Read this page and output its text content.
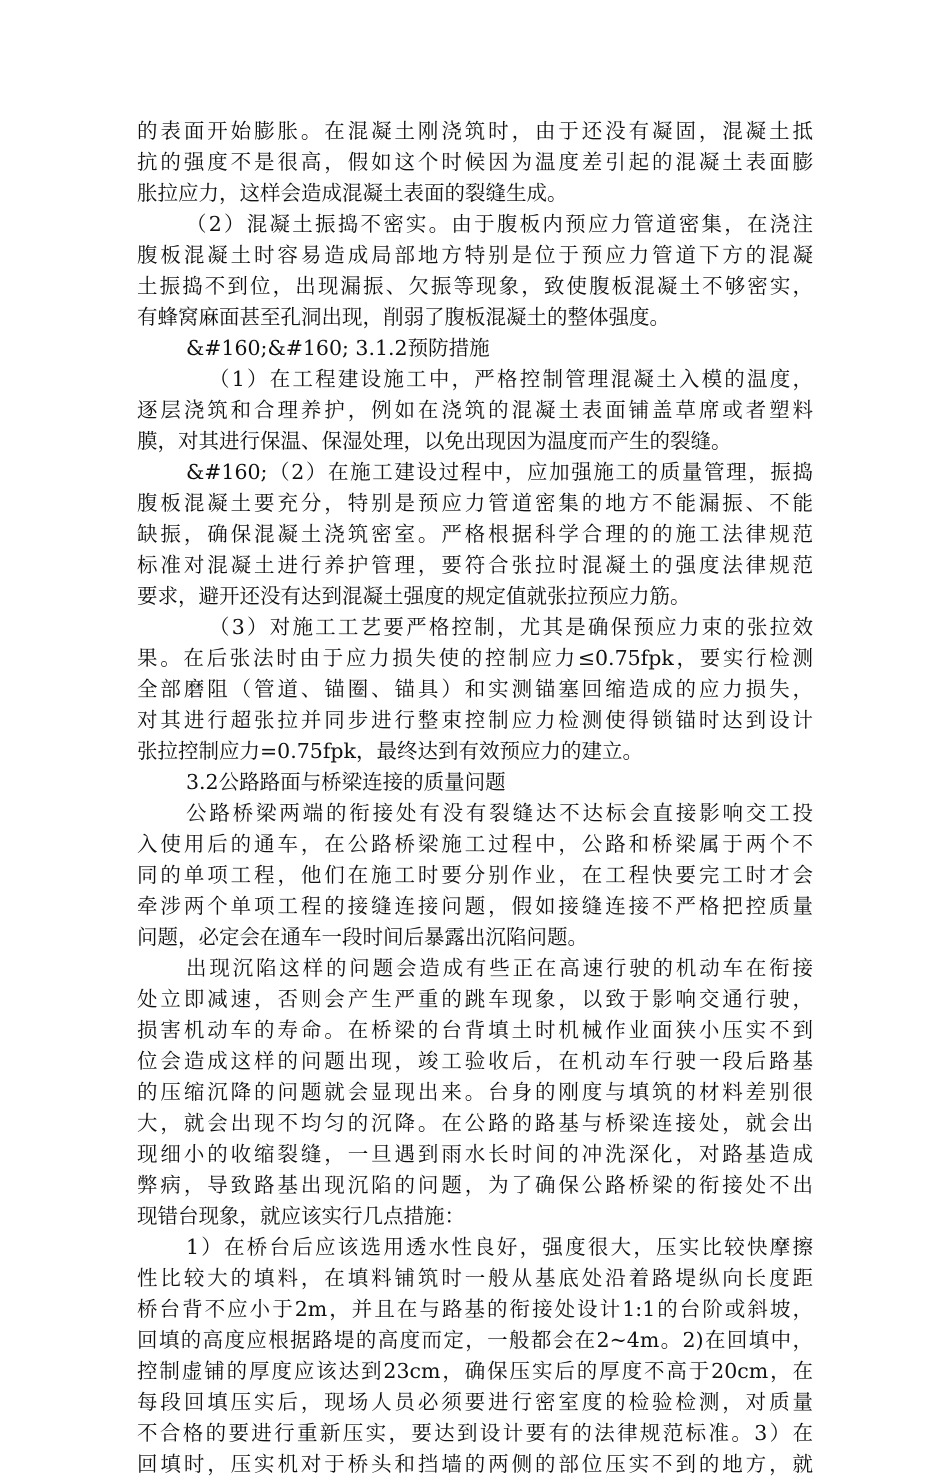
的表面开始膨胀。在混凝土刚浇筑时，由于还没有凝固，混凝土抵
抗的强度不是很高，假如这个时候因为温度差引起的混凝土表面膨
胀拉应力，这样会造成混凝土表面的裂缝生成。
（2）混凝土振捣不密实。由于腹板内预应力管道密集，在浇注
腹板混凝土时容易造成局部地方特别是位于预应力管道下方的混凝
土振捣不到位，出现漏振、欠振等现象，致使腹板混凝土不够密实，
有蜂窝麻面甚至孔洞出现，削弱了腹板混凝土的整体强度。
&#160;&#160; 3.1.2预防措施
（1）在工程建设施工中，严格控制管理混凝土入模的温度，
逐层浇筑和合理养护，例如在浇筑的混凝土表面铺盖草席或者塑料
膜，对其进行保温、保湿处理，以免出现因为温度而产生的裂缝。
&#160;（2）在施工建设过程中，应加强施工的质量管理，振捣
腹板混凝土要充分，特别是预应力管道密集的地方不能漏振、不能
缺振，确保混凝土浇筑密室。严格根据科学合理的的施工法律规范
标准对混凝土进行养护管理，要符合张拉时混凝土的强度法律规范
要求，避开还没有达到混凝土强度的规定值就张拉预应力筋。
（3）对施工工艺要严格控制，尤其是确保预应力束的张拉效
果。在后张法时由于应力损失使的控制应力≤0.75fpk，要实行检测
全部磨阻（管道、锚圈、锚具）和实测锚塞回缩造成的应力损失，
对其进行超张拉并同步进行整束控制应力检测使得锁锚时达到设计
张拉控制应力=0.75fpk，最终达到有效预应力的建立。
3.2公路路面与桥梁连接的质量问题
公路桥梁两端的衔接处有没有裂缝达不达标会直接影响交工投
入使用后的通车，在公路桥梁施工过程中，公路和桥梁属于两个不
同的单项工程，他们在施工时要分别作业，在工程快要完工时才会
牵涉两个单项工程的接缝连接问题，假如接缝连接不严格把控质量
问题，必定会在通车一段时间后暴露出沉陷问题。
出现沉陷这样的问题会造成有些正在高速行驶的机动车在衔接
处立即减速，否则会产生严重的跳车现象，以致于影响交通行驶，
损害机动车的寿命。在桥梁的台背填土时机械作业面狭小压实不到
位会造成这样的问题出现，竣工验收后，在机动车行驶一段后路基
的压缩沉降的问题就会显现出来。台身的刚度与填筑的材料差别很
大，就会出现不均匀的沉降。在公路的路基与桥梁连接处，就会出
现细小的收缩裂缝，一旦遇到雨水长时间的冲洗深化，对路基造成
弊病，导致路基出现沉陷的问题，为了确保公路桥梁的衔接处不出
现错台现象，就应该实行几点措施：
1）在桥台后应该选用透水性良好，强度很大，压实比较快摩擦
性比较大的填料，在填料铺筑时一般从基底处沿着路堤纵向长度距
桥台背不应小于2m，并且在与路基的衔接处设计1:1的台阶或斜坡，
回填的高度应根据路堤的高度而定，一般都会在2~4m。2)在回填中，
控制虚铺的厚度应该达到23cm，确保压实后的厚度不高于20cm，在
每段回填压实后，现场人员必须要进行密室度的检验检测，对质量
不合格的要进行重新压实，要达到设计要有的法律规范标准。3）在
回填时，压实机对于桥头和挡墙的两侧的部位压实不到的地方，就
